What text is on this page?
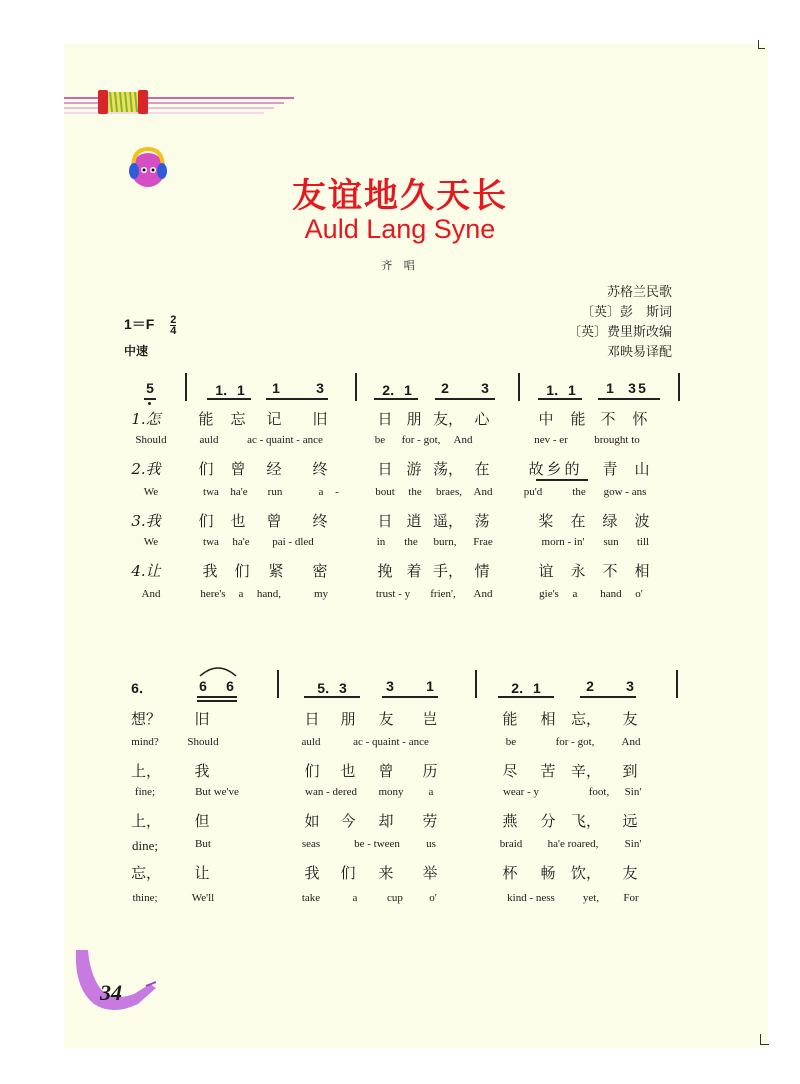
友谊地久天长
Auld Lang Syne
齐 唱
苏格兰民歌
〔英〕彭　斯词
〔英〕费里斯改编
邓映易译配
$1=F \frac{2}{4}$
中速
5	1．1	1	3	2．1	2	3	1．1	1	3 5
1.怎	能	忘	记	旧	日 朋 友， 心	中	能 不	怀
Should	auld	ac - quaint - ance	be	for - got,	And	nev - er	brought to
2.我	们	曾	经	终	日 游 荡， 在	故 乡 的	青	山
We	twa	ha'e	run	a	-	bout	the	braes,	And	pu'd	the	gow - ans
3.我	们	也	曾	终	日 逍 遥， 荡	桨	在	绿	波
We	twa	ha'e	pai - dled	in	the	burn,	Frae	morn - in'	sun	till
4.让	我	们	紧	密	挽 着 手， 情	谊	永	不	相
And	here's	a	hand,	my	trust - y	frien',	And	gie's	a	hand	o'
6．	6	6	5．3	3	1	2．1	2	3
想？	旧	日	朋	友	岂	能	相	忘，	友
mind?	Should	auld	ac - quaint - ance	be	for - got,	And
上，	我	们	也	曾	历	尽	苦	辛，	到
fine;	But we've	wan - dered	mony	a	wear - y	foot,	Sin'
上，	但	如	今	却	劳	燕	分	飞，	远
dine;	But	seas	be - tween	us	braid	ha'e roared,	Sin'
忘，	让	我	们	来	举	杯	畅	饮，	友
thine;	We'll	take	a	cup	o'	kind - ness	yet,	For
34
